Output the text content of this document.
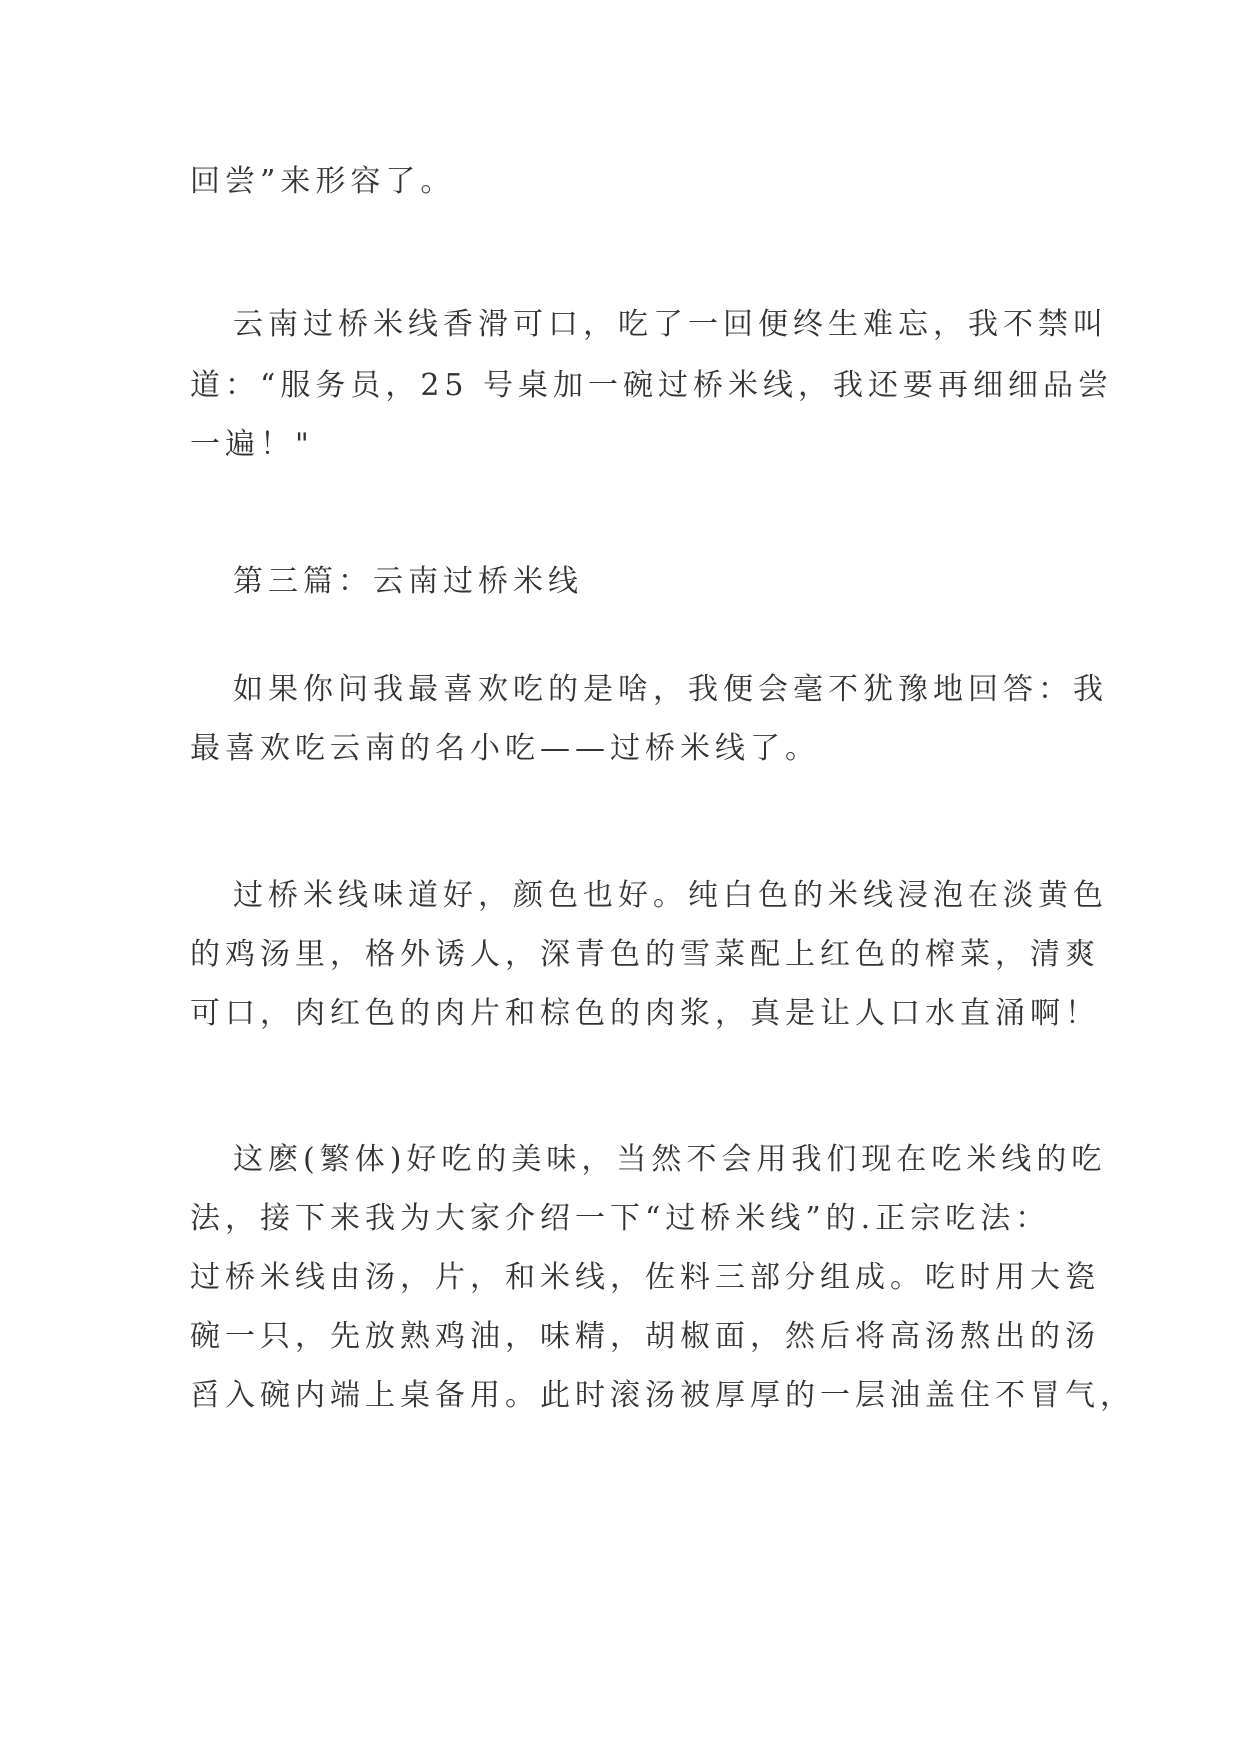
回尝”来形容了。
云南过桥米线香滑可口，吃了一回便终生难忘，我不禁叫
道：“服务员，25 号桌加一碗过桥米线，我还要再细细品尝
一遍！"
第三篇：云南过桥米线
如果你问我最喜欢吃的是啥，我便会毫不犹豫地回答：我
最喜欢吃云南的名小吃——过桥米线了。
过桥米线味道好，颜色也好。纯白色的米线浸泡在淡黄色
的鸡汤里，格外诱人，深青色的雪菜配上红色的榨菜，清爽
可口，肉红色的肉片和棕色的肉浆，真是让人口水直涌啊！
这麽(繁体)好吃的美味，当然不会用我们现在吃米线的吃
法，接下来我为大家介绍一下“过桥米线”的.正宗吃法：
过桥米线由汤，片，和米线，佐料三部分组成。吃时用大瓷
碗一只，先放熟鸡油，味精，胡椒面，然后将高汤熬出的汤
舀入碗内端上桌备用。此时滚汤被厚厚的一层油盖住不冒气，
